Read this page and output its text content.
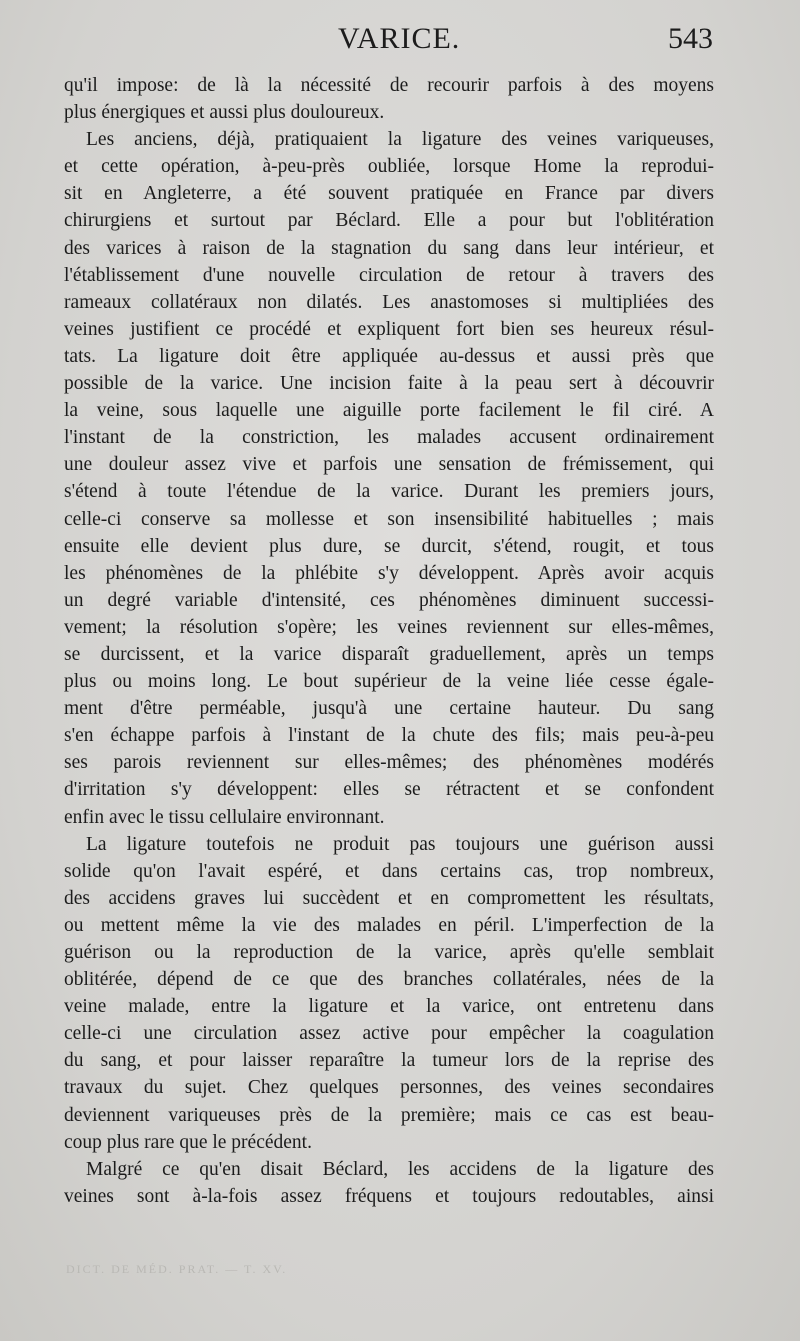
VARICE.	543
qu'il impose: de là la nécessité de recourir parfois à des moyens
plus énergiques et aussi plus douloureux.
Les anciens, déjà, pratiquaient la ligature des veines variqueuses,
et cette opération, à-peu-près oubliée, lorsque Home la reprodui-
sit en Angleterre, a été souvent pratiquée en France par divers
chirurgiens et surtout par Béclard. Elle a pour but l'oblitération
des varices à raison de la stagnation du sang dans leur intérieur, et
l'établissement d'une nouvelle circulation de retour à travers des
rameaux collatéraux non dilatés. Les anastomoses si multipliées des
veines justifient ce procédé et expliquent fort bien ses heureux résul-
tats. La ligature doit être appliquée au-dessus et aussi près que
possible de la varice. Une incision faite à la peau sert à découvrir
la veine, sous laquelle une aiguille porte facilement le fil ciré. A
l'instant de la constriction, les malades accusent ordinairement
une douleur assez vive et parfois une sensation de frémissement, qui
s'étend à toute l'étendue de la varice. Durant les premiers jours,
celle-ci conserve sa mollesse et son insensibilité habituelles ; mais
ensuite elle devient plus dure, se durcit, s'étend, rougit, et tous
les phénomènes de la phlébite s'y développent. Après avoir acquis
un degré variable d'intensité, ces phénomènes diminuent successi-
vement; la résolution s'opère; les veines reviennent sur elles-mêmes,
se durcissent, et la varice disparaît graduellement, après un temps
plus ou moins long. Le bout supérieur de la veine liée cesse égale-
ment d'être perméable, jusqu'à une certaine hauteur. Du sang
s'en échappe parfois à l'instant de la chute des fils; mais peu-à-peu
ses parois reviennent sur elles-mêmes; des phénomènes modérés
d'irritation s'y développent: elles se rétractent et se confondent
enfin avec le tissu cellulaire environnant.
La ligature toutefois ne produit pas toujours une guérison aussi
solide qu'on l'avait espéré, et dans certains cas, trop nombreux,
des accidens graves lui succèdent et en compromettent les résultats,
ou mettent même la vie des malades en péril. L'imperfection de la
guérison ou la reproduction de la varice, après qu'elle semblait
oblitérée, dépend de ce que des branches collatérales, nées de la
veine malade, entre la ligature et la varice, ont entretenu dans
celle-ci une circulation assez active pour empêcher la coagulation
du sang, et pour laisser reparaître la tumeur lors de la reprise des
travaux du sujet. Chez quelques personnes, des veines secondaires
deviennent variqueuses près de la première; mais ce cas est beau-
coup plus rare que le précédent.
Malgré ce qu'en disait Béclard, les accidens de la ligature des
veines sont à-la-fois assez fréquens et toujours redoutables, ainsi
DICT. DE MÉD. PRAT. — T. XV.
